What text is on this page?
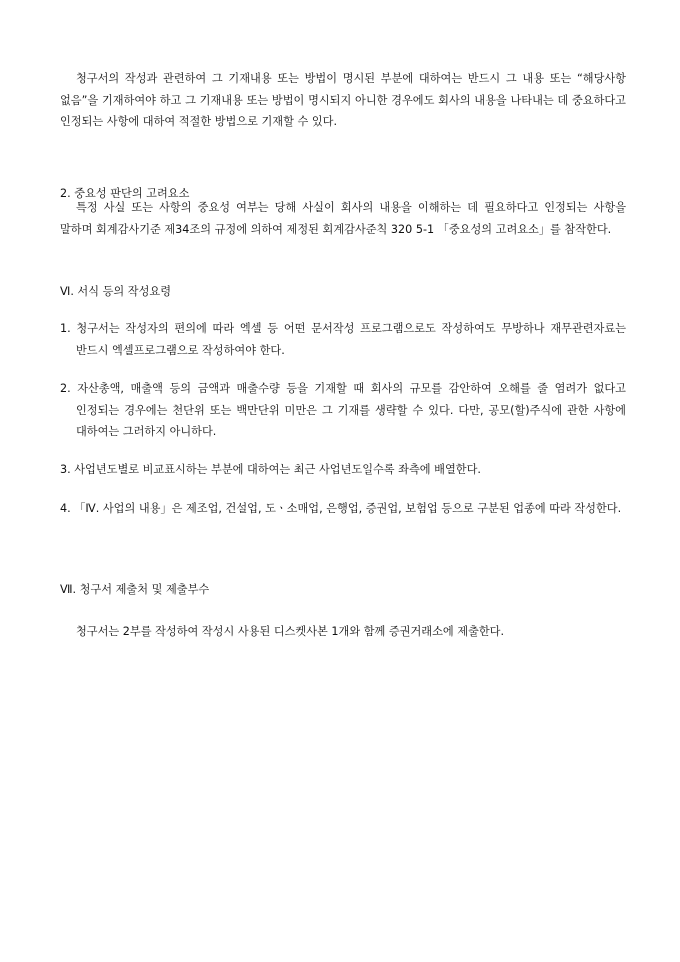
청구서의 작성과 관련하여 그 기재내용 또는 방법이 명시된 부분에 대하여는 반드시 그 내용 또는 “해당사항 없음”을 기재하여야 하고 그 기재내용 또는 방법이 명시되지 아니한 경우에도 회사의 내용을 나타내는 데 중요하다고 인정되는 사항에 대하여 적절한 방법으로 기재할 수 있다.

2. 중요성 판단의 고려요소

특정 사실 또는 사항의 중요성 여부는 당해 사실이 회사의 내용을 이해하는 데 필요하다고 인정되는 사항을 말하며 회계감사기준 제34조의 규정에 의하여 제정된 회계감사준칙 320 5-1 「중요성의 고려요소」를 참작한다.

Ⅵ. 서식 등의 작성요령

1. 청구서는 작성자의 편의에 따라 엑셀 등 어떤 문서작성 프로그램으로도 작성하여도 무방하나 재무관련자료는 반드시 엑셀프로그램으로 작성하여야 한다.

2. 자산총액, 매출액 등의 금액과 매출수량 등을 기재할 때 회사의 규모를 감안하여 오해를 줄 염려가 없다고 인정되는 경우에는 천단위 또는 백만단위 미만은 그 기재를 생략할 수 있다. 다만, 공모(할)주식에 관한 사항에 대하여는 그러하지 아니하다.

3. 사업년도별로 비교표시하는 부분에 대하여는 최근 사업년도일수록 좌측에 배열한다.

4. 「Ⅳ. 사업의 내용」은 제조업, 건설업, 도ㆍ소매업, 은행업, 증권업, 보험업 등으로 구분된 업종에 따라 작성한다.

Ⅶ. 청구서 제출처 및 제출부수

청구서는 2부를 작성하여 작성시 사용된 디스켓사본 1개와 함께 증권거래소에 제출한다.
